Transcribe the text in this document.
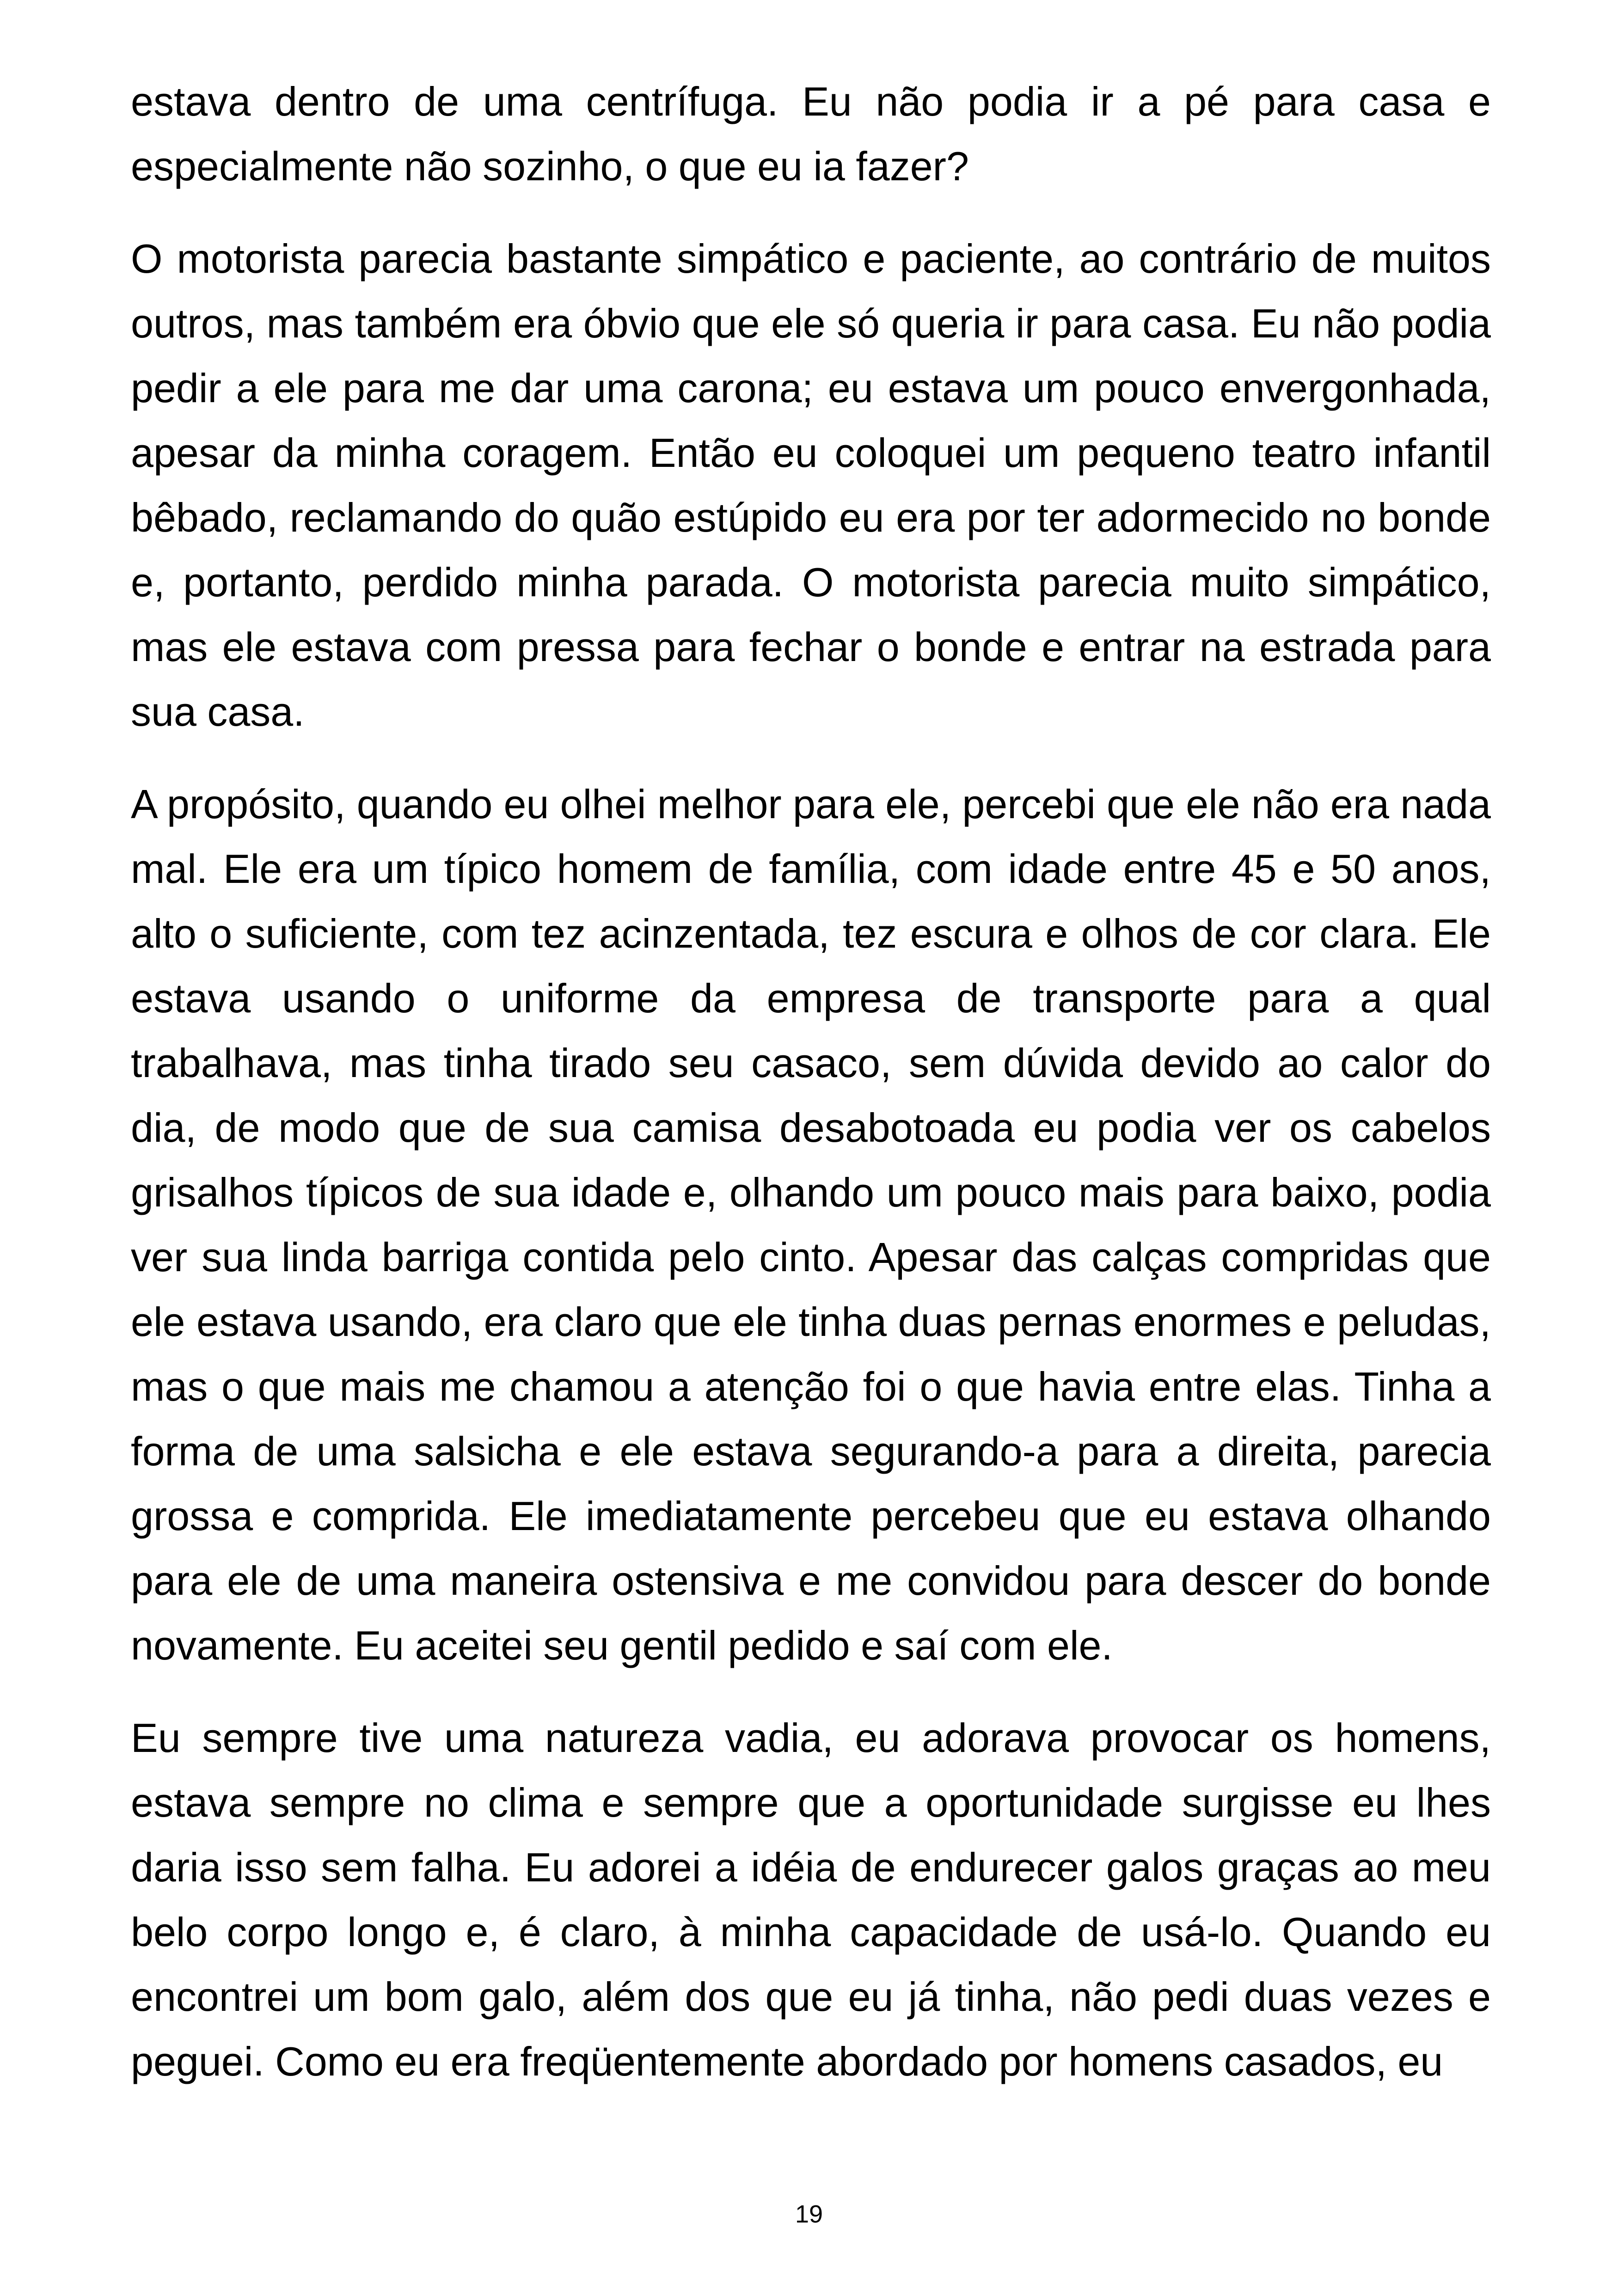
estava dentro de uma centrífuga. Eu não podia ir a pé para casa e especialmente não sozinho, o que eu ia fazer?

O motorista parecia bastante simpático e paciente, ao contrário de muitos outros, mas também era óbvio que ele só queria ir para casa. Eu não podia pedir a ele para me dar uma carona; eu estava um pouco envergonhada, apesar da minha coragem. Então eu coloquei um pequeno teatro infantil bêbado, reclamando do quão estúpido eu era por ter adormecido no bonde e, portanto, perdido minha parada. O motorista parecia muito simpático, mas ele estava com pressa para fechar o bonde e entrar na estrada para sua casa.

A propósito, quando eu olhei melhor para ele, percebi que ele não era nada mal. Ele era um típico homem de família, com idade entre 45 e 50 anos, alto o suficiente, com tez acinzentada, tez escura e olhos de cor clara. Ele estava usando o uniforme da empresa de transporte para a qual trabalhava, mas tinha tirado seu casaco, sem dúvida devido ao calor do dia, de modo que de sua camisa desabotoada eu podia ver os cabelos grisalhos típicos de sua idade e, olhando um pouco mais para baixo, podia ver sua linda barriga contida pelo cinto. Apesar das calças compridas que ele estava usando, era claro que ele tinha duas pernas enormes e peludas, mas o que mais me chamou a atenção foi o que havia entre elas. Tinha a forma de uma salsicha e ele estava segurando-a para a direita, parecia grossa e comprida. Ele imediatamente percebeu que eu estava olhando para ele de uma maneira ostensiva e me convidou para descer do bonde novamente. Eu aceitei seu gentil pedido e saí com ele.

Eu sempre tive uma natureza vadia, eu adorava provocar os homens, estava sempre no clima e sempre que a oportunidade surgisse eu lhes daria isso sem falha. Eu adorei a idéia de endurecer galos graças ao meu belo corpo longo e, é claro, à minha capacidade de usá-lo. Quando eu encontrei um bom galo, além dos que eu já tinha, não pedi duas vezes e peguei. Como eu era freqüentemente abordado por homens casados, eu

19
